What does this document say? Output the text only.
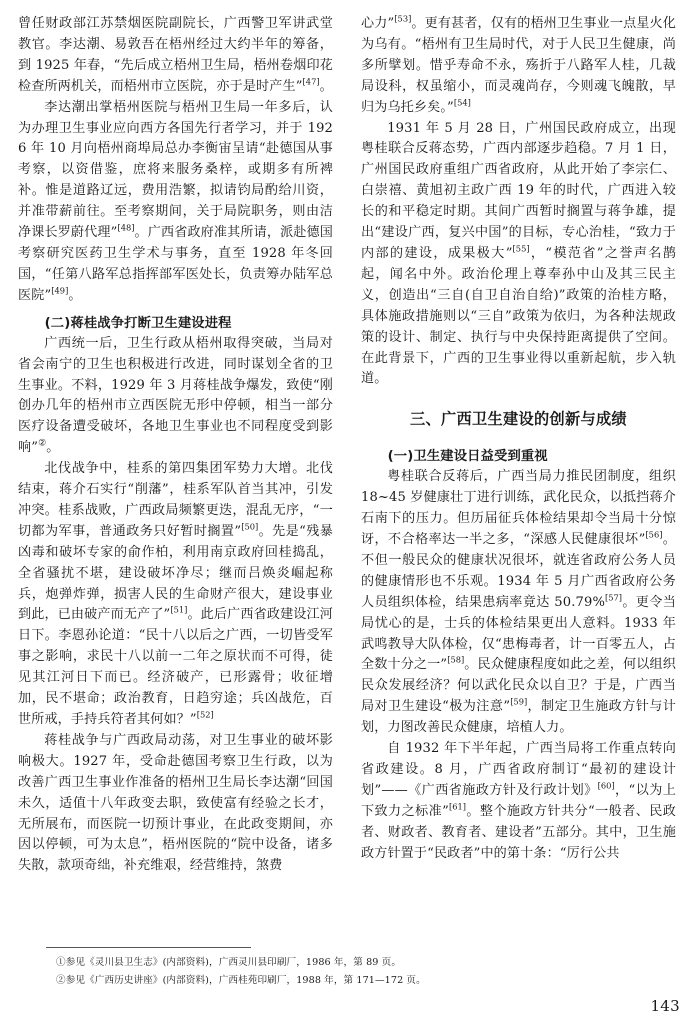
曾任财政部江苏禁烟医院副院长，广西警卫军讲武堂教官。李达潮、易敦吾在梧州经过大约半年的筹备，到 1925 年春，“先后成立梧州卫生局，梧州卷烟印花检查所两机关，而梧州市立医院，亦于是时产生”[47]。

李达潮出掌梧州医院与梧州卫生局一年多后，认为办理卫生事业应向西方各国先行者学习，并于 1926 年 10 月向梧州商埠局总办李衡宙呈请“赴德国从事考察，以资借鉴，庶将来服务桑梓，或期多有所裨补。惟是道路辽远，费用浩繁，拟请钧局酌给川资，并准带薪前往。至考察期间，关于局院职务，则由洁净课长罗蔚代理”[48]。广西省政府准其所请，派赴德国考察研究医药卫生学术与事务，直至 1928 年冬回国，“任第八路军总指挥部军医处长，负责筹办陆军总医院”[49]。

(二)蒋桂战争打断卫生建设进程

广西统一后，卫生行政从梧州取得突破，当局对省会南宁的卫生也积极进行改进，同时谋划全省的卫生事业。不料，1929 年 3 月蒋桂战争爆发，致使“刚创办几年的梧州市立西医院无形中停顿，相当一部分医疗设备遭受破坏，各地卫生事业也不同程度受到影响”②。

北伐战争中，桂系的第四集团军势力大增。北伐结束，蒋介石实行“削藩”，桂系军队首当其冲，引发冲突。桂系战败，广西政局频繁更迭，混乱无序，“一切都为军事，普通政务只好暂时搁置”[50]。先是“残暴凶毒和破坏专家的俞作柏，利用南京政府回桂捣乱，全省骚扰不堪，建设破坏净尽；继而吕焕炎崛起称兵，炮弹炸弹，损害人民的生命财产很大，建设事业到此，已由破产而无产了”[51]。此后广西省政建设江河日下。李恩孙论道：“民十八以后之广西，一切皆受军事之影响，求民十八以前一二年之原状而不可得，徒见其江河日下而已。经济破产，已形露骨；收征增加，民不堪命；政治教育，日趋穷途；兵凶战危，百世所戒，手持兵符者其何如？”[52]

蒋桂战争与广西政局动荡，对卫生事业的破坏影响极大。1927 年，受命赴德国考察卫生行政，以为改善广西卫生事业作准备的梧州卫生局长李达潮“回国未久，适值十八年政变去职，致使富有经验之长才，无所展布，而医院一切预计事业，在此政变期间，亦因以停顿，可为太息”，梧州医院的“院中设备，诸多失散，款项奇绌，补充维艰，经营维持，煞费

心力”[53]。更有甚者，仅有的梧州卫生事业一点星火化为乌有。“梧州有卫生局时代，对于人民卫生健康，尚多所擘划。惜乎寿命不永，殇折于八路军人桂，几裁局设科，权虽缩小，而灵魂尚存，今则魂飞魄散，早归为乌托乡矣。”[54]

1931 年 5 月 28 日，广州国民政府成立，出现粤桂联合反蒋态势，广西内部逐步趋稳。7 月 1 日，广州国民政府重组广西省政府，从此开始了李宗仁、白崇禧、黄旭初主政广西 19 年的时代，广西进入较长的和平稳定时期。其间广西暂时搁置与蒋争雄，提出“建设广西，复兴中国”的目标，专心治桂，“致力于内部的建设，成果极大”[55]，“模范省”之誉声名鹊起，闻名中外。政治伦理上尊奉孙中山及其三民主义，创造出“三自(自卫自治自给)”政策的治桂方略，具体施政措施则以“三自”政策为依归，为各种法规政策的设计、制定、执行与中央保持距离提供了空间。在此背景下，广西的卫生事业得以重新起航，步入轨道。

三、广西卫生建设的创新与成绩
(一)卫生建设日益受到重视

粤桂联合反蒋后，广西当局力推民团制度，组织 18~45 岁健康壮丁进行训练，武化民众，以抵挡蒋介石南下的压力。但历届征兵体检结果却令当局十分惊讶，不合格率达一半之多，“深感人民健康很坏”[56]。不但一般民众的健康状况很坏，就连省政府公务人员的健康情形也不乐观。1934 年 5 月广西省政府公务人员组织体检，结果患病率竟达 50.79%[57]。更令当局忧心的是，士兵的体检结果更出人意料。1933 年武鸣教导大队体检，仅“患梅毒者，计一百零五人，占全数十分之一”[58]。民众健康程度如此之差，何以组织民众发展经济？何以武化民众以自卫？于是，广西当局对卫生建设“极为注意”[59]，制定卫生施政方针与计划，力图改善民众健康，培植人力。

自 1932 年下半年起，广西当局将工作重点转向省政建设。8 月，广西省政府制订“最初的建设计划”——《广西省施政方针及行政计划》[60]，“以为上下致力之标准”[61]。整个施政方针共分“一般者、民政者、财政者、教育者、建设者”五部分。其中，卫生施政方针置于“民政者”中的第十条：“厉行公共

①参见《灵川县卫生志》(内部资料)，广西灵川县印刷厂，1986 年，第 89 页。

②参见《广西历史讲座》(内部资料)，广西桂苑印刷厂，1988 年，第 171—172 页。

143
